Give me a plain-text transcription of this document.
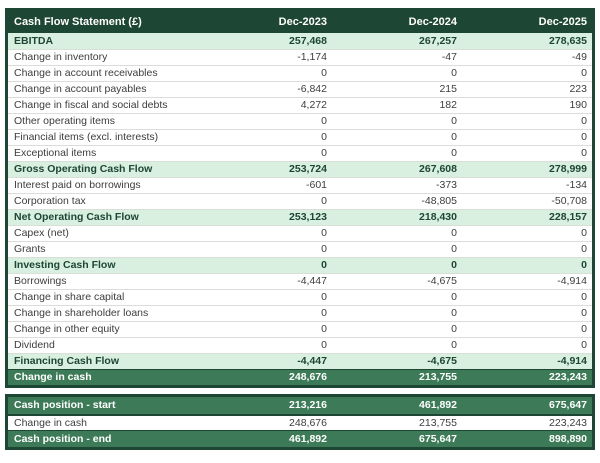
Cash Flow Statement (£)	Dec-2023	Dec-2024	Dec-2025
EBITDA	257,468	267,257	278,635
Change in inventory	-1,174	-47	-49
Change in account receivables	0	0	0
Change in account payables	-6,842	215	223
Change in fiscal and social debts	4,272	182	190
Other operating items	0	0	0
Financial items (excl. interests)	0	0	0
Exceptional items	0	0	0
Gross Operating Cash Flow	253,724	267,608	278,999
Interest paid on borrowings	-601	-373	-134
Corporation tax	0	-48,805	-50,708
Net Operating Cash Flow	253,123	218,430	228,157
Capex (net)	0	0	0
Grants	0	0	0
Investing Cash Flow	0	0	0
Borrowings	-4,447	-4,675	-4,914
Change in share capital	0	0	0
Change in shareholder loans	0	0	0
Change in other equity	0	0	0
Dividend	0	0	0
Financing Cash Flow	-4,447	-4,675	-4,914
Change in cash	248,676	213,755	223,243
Cash position - start	213,216	461,892	675,647
Change in cash	248,676	213,755	223,243
Cash position - end	461,892	675,647	898,890
